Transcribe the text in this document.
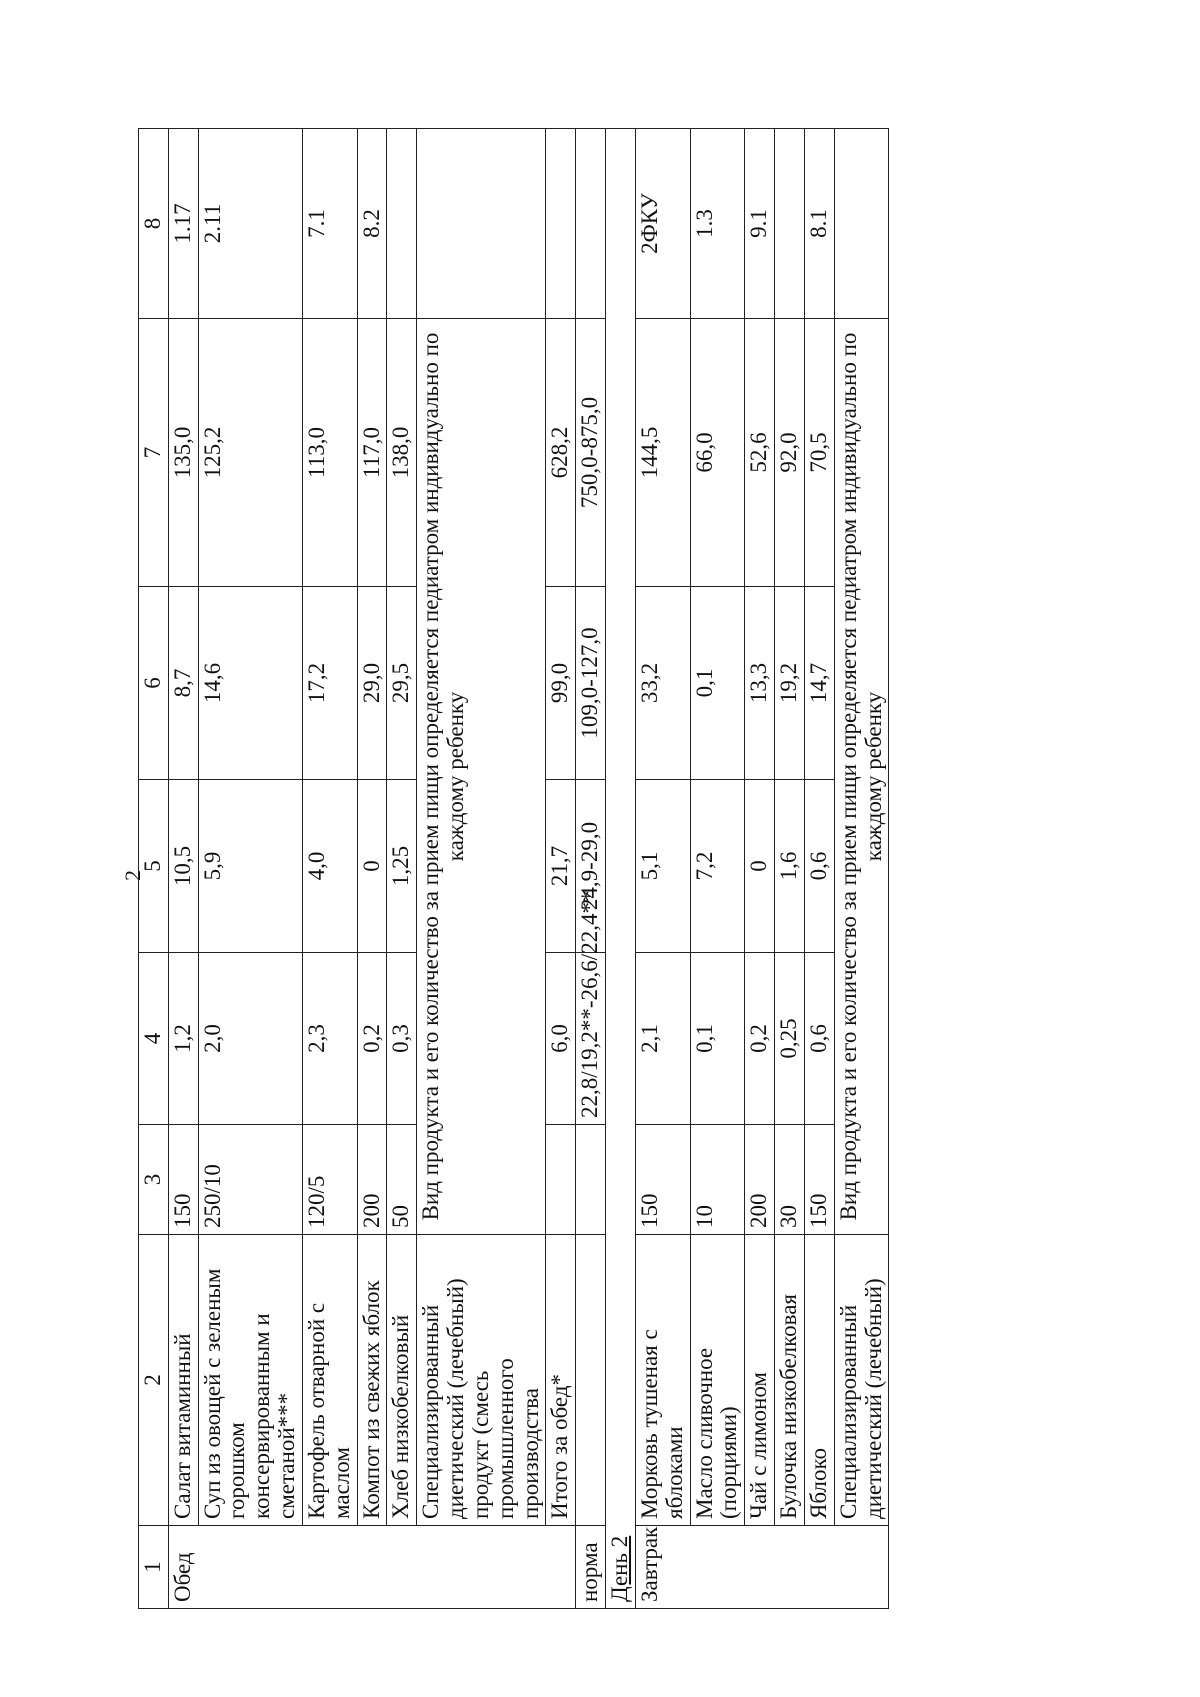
2
1	2	3	4	5	6	7	8
Обед	Салат витаминный	150	1,2	10,5	8,7	135,0	1.17
	Суп из овощей с зеленым горошком консервированным и сметаной***	250/10	2,0	5,9	14,6	125,2	2.11
	Картофель отварной с маслом	120/5	2,3	4,0	17,2	113,0	7.1
	Компот из свежих яблок	200	0,2	0	29,0	117,0	8.2
	Хлеб низкобелковый	50	0,3	1,25	29,5	138,0	
	Специализированный диетический (лечебный) продукт (смесь промышленного производства	Вид продукта и его количество за прием пищи определяется педиатром индивидуально по каждому ребенку					
	Итого за обед*		6,0	21,7	99,0	628,2	
норма			22,8/19,2**-26,6/22,4**	24,9-29,0	109,0-127,0	750,0-875,0	
День 2							
Завтрак	Морковь тушеная с яблоками	150	2,1	5,1	33,2	144,5	2ФКУ
	Масло сливочное (порциями)	10	0,1	7,2	0,1	66,0	1.3
	Чай с лимоном	200	0,2	0	13,3	52,6	9.1
	Булочка низкобелковая	30	0,25	1,6	19,2	92,0	
	Яблоко	150	0,6	0,6	14,7	70,5	8.1
	Специализированный диетический (лечебный)	Вид продукта и его количество за прием пищи определяется педиатром индивидуально по каждому ребенку					
